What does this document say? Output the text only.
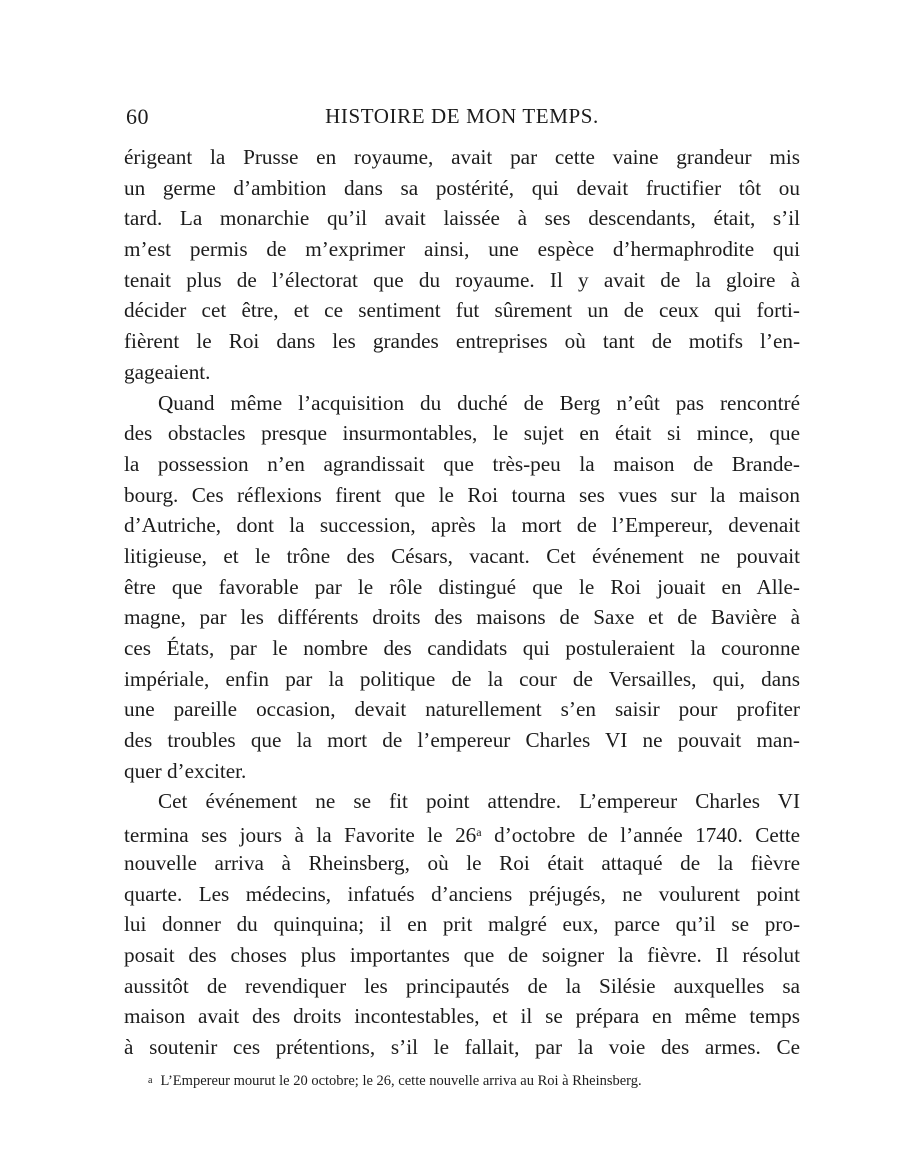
60	HISTOIRE DE MON TEMPS.
érigeant la Prusse en royaume, avait par cette vaine grandeur mis
un germe d’ambition dans sa postérité, qui devait fructifier tôt ou
tard. La monarchie qu’il avait laissée à ses descendants, était, s’il
m’est permis de m’exprimer ainsi, une espèce d’hermaphrodite qui
tenait plus de l’électorat que du royaume. Il y avait de la gloire à
décider cet être, et ce sentiment fut sûrement un de ceux qui forti-
fièrent le Roi dans les grandes entreprises où tant de motifs l’en-
gageaient.
Quand même l’acquisition du duché de Berg n’eût pas rencontré
des obstacles presque insurmontables, le sujet en était si mince, que
la possession n’en agrandissait que très-peu la maison de Brande-
bourg. Ces réflexions firent que le Roi tourna ses vues sur la maison
d’Autriche, dont la succession, après la mort de l’Empereur, devenait
litigieuse, et le trône des Césars, vacant. Cet événement ne pouvait
être que favorable par le rôle distingué que le Roi jouait en Alle-
magne, par les différents droits des maisons de Saxe et de Bavière à
ces États, par le nombre des candidats qui postuleraient la couronne
impériale, enfin par la politique de la cour de Versailles, qui, dans
une pareille occasion, devait naturellement s’en saisir pour profiter
des troubles que la mort de l’empereur Charles VI ne pouvait man-
quer d’exciter.
Cet événement ne se fit point attendre. L’empereur Charles VI
termina ses jours à la Favorite le 26$^a$ d’octobre de l’année 1740. Cette
nouvelle arriva à Rheinsberg, où le Roi était attaqué de la fièvre
quarte. Les médecins, infatués d’anciens préjugés, ne voulurent point
lui donner du quinquina; il en prit malgré eux, parce qu’il se pro-
posait des choses plus importantes que de soigner la fièvre. Il résolut
aussitôt de revendiquer les principautés de la Silésie auxquelles sa
maison avait des droits incontestables, et il se prépara en même temps
à soutenir ces prétentions, s’il le fallait, par la voie des armes. Ce
$^a$ L’Empereur mourut le 20 octobre; le 26, cette nouvelle arriva au Roi à Rheinsberg.
